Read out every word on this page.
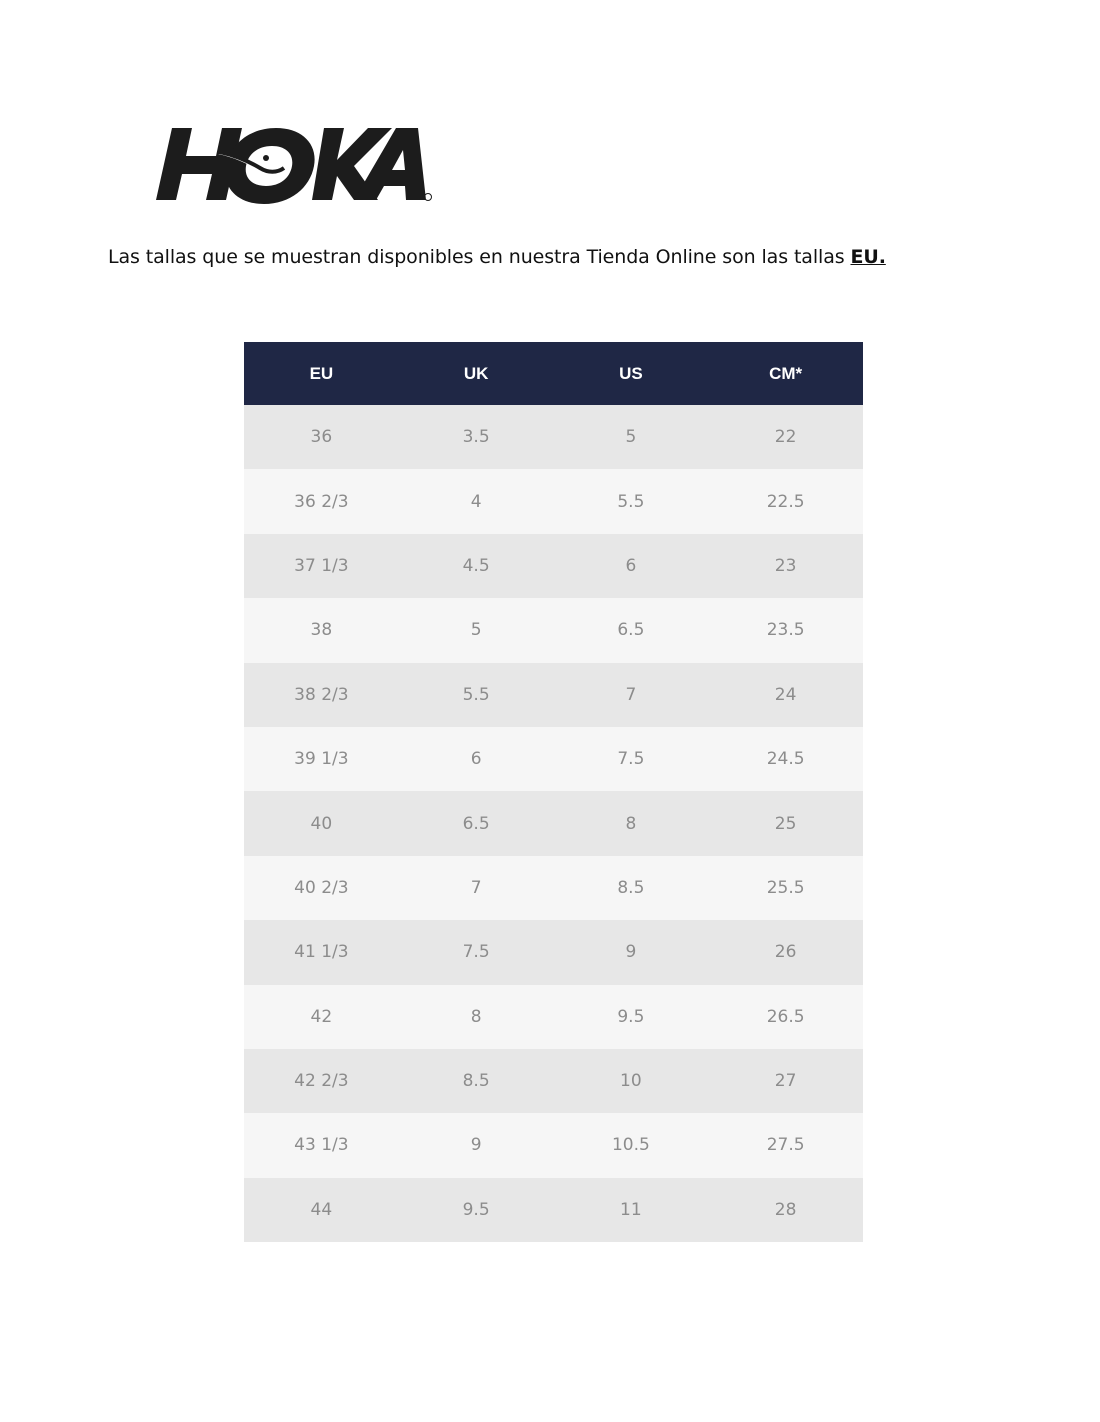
Las tallas que se muestran disponibles en nuestra Tienda Online son las tallas EU.
EU	UK	US	CM*
36	3.5	5	22
36 2/3	4	5.5	22.5
37 1/3	4.5	6	23
38	5	6.5	23.5
38 2/3	5.5	7	24
39 1/3	6	7.5	24.5
40	6.5	8	25
40 2/3	7	8.5	25.5
41 1/3	7.5	9	26
42	8	9.5	26.5
42 2/3	8.5	10	27
43 1/3	9	10.5	27.5
44	9.5	11	28
